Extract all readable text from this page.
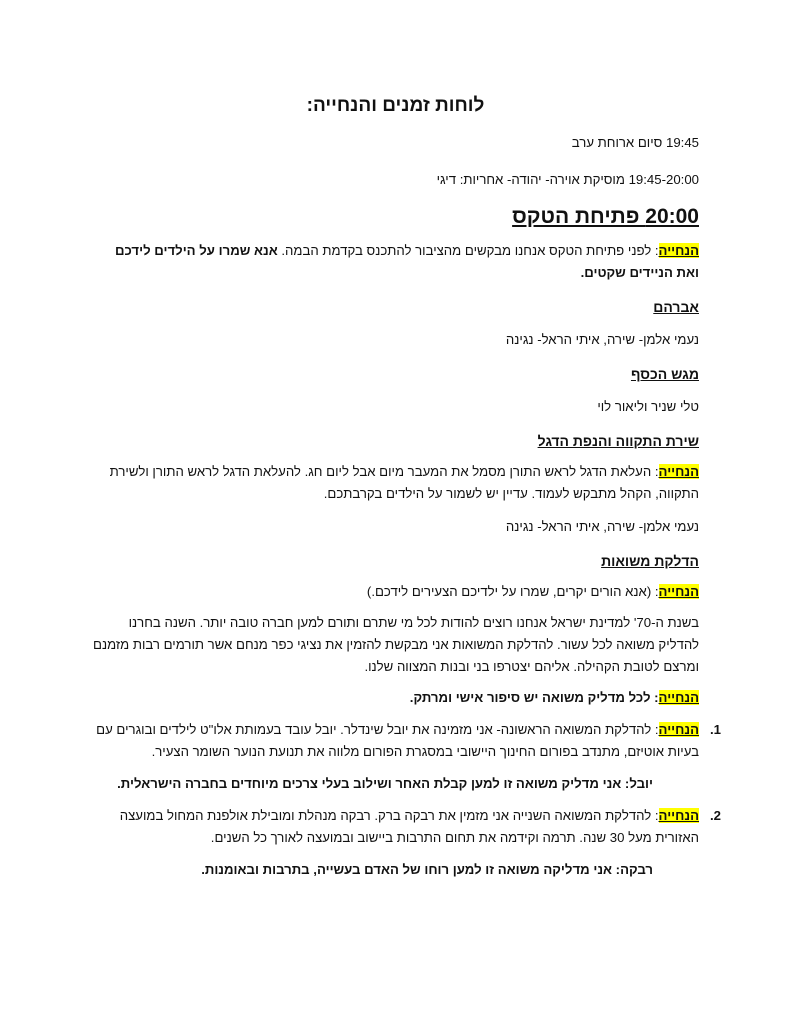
לוחות זמנים והנחייה:

19:45 סיום ארוחת ערב

19:45-20:00 מוסיקת אוירה- יהודה- אחריות: דיגי

20:00 פתיחת הטקס

הנחייה: לפני פתיחת הטקס אנחנו מבקשים מהציבור להתכנס בקדמת הבמה. אנא שמרו על הילדים לידכם ואת הניידים שקטים.

אברהם

נעמי אלמן- שירה, איתי הראל- נגינה

מגש הכסף

טלי שניר וליאור לוי

שירת התקווה והנפת הדגל

הנחייה: העלאת הדגל לראש התורן מסמל את המעבר מיום אבל ליום חג. להעלאת הדגל לראש התורן ולשירת התקווה, הקהל מתבקש לעמוד. עדיין יש לשמור על הילדים בקרבתכם.

נעמי אלמן- שירה, איתי הראל- נגינה

הדלקת משואות

הנחייה: (אנא הורים יקרים, שמרו על ילדיכם הצעירים לידכם.)

בשנת ה-70' למדינת ישראל אנחנו רוצים להודות לכל מי שתרם ותורם למען חברה טובה יותר. השנה בחרנו להדליק משואה לכל עשור. להדלקת המשואות אני מבקשת להזמין את נציגי כפר מנחם אשר תורמים רבות מזמנם ומרצם לטובת הקהילה. אליהם יצטרפו בני ובנות המצווה שלנו.

הנחייה: לכל מדליק משואה יש סיפור אישי ומרתק.

1.

הנחייה: להדלקת המשואה הראשונה- אני מזמינה את יובל שינדלר. יובל עובד בעמותת אלו"ט לילדים ובוגרים עם בעיות אוטיזם, מתנדב בפורום החינוך היישובי במסגרת הפורום מלווה את תנועת הנוער השומר הצעיר.

יובל: אני מדליק משואה זו למען קבלת האחר ושילוב בעלי צרכים מיוחדים בחברה הישראלית.

2.

הנחייה: להדלקת המשואה השנייה אני מזמין את רבקה ברק. רבקה מנהלת ומובילת אולפנת המחול במועצה האזורית מעל 30 שנה. תרמה וקידמה את תחום התרבות ביישוב ובמועצה לאורך כל השנים.

רבקה: אני מדליקה משואה זו למען רוחו של האדם בעשייה, בתרבות ובאומנות.
